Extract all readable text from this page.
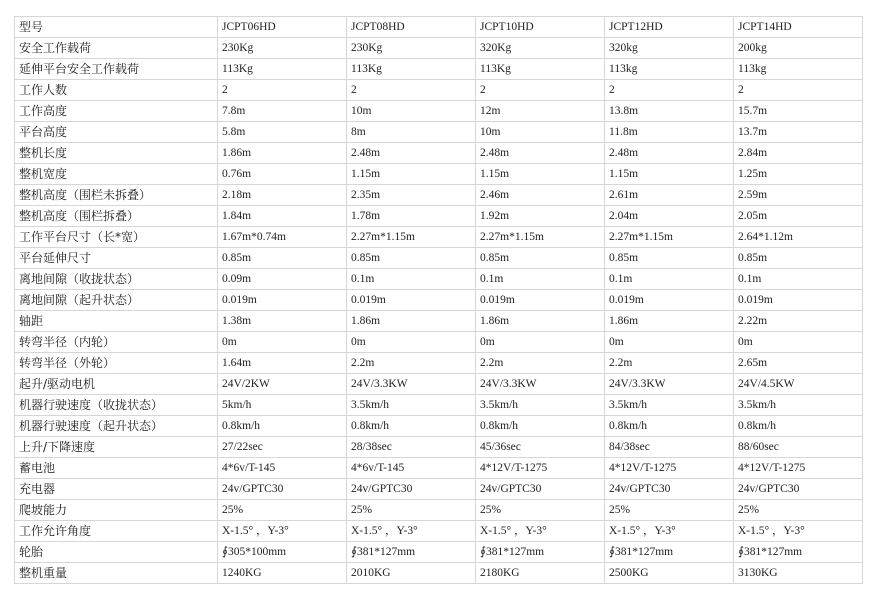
型号	JCPT06HD	JCPT08HD	JCPT10HD	JCPT12HD	JCPT14HD
安全工作载荷	230Kg	230Kg	320Kg	320kg	200kg
延伸平台安全工作载荷	113Kg	113Kg	113Kg	113kg	113kg
工作人数	2	2	2	2	2
工作高度	7.8m	10m	12m	13.8m	15.7m
平台高度	5.8m	8m	10m	11.8m	13.7m
整机长度	1.86m	2.48m	2.48m	2.48m	2.84m
整机宽度	0.76m	1.15m	1.15m	1.15m	1.25m
整机高度（围栏未拆叠）	2.18m	2.35m	2.46m	2.61m	2.59m
整机高度（围栏拆叠）	1.84m	1.78m	1.92m	2.04m	2.05m
工作平台尺寸（长*宽）	1.67m*0.74m	2.27m*1.15m	2.27m*1.15m	2.27m*1.15m	2.64*1.12m
平台延伸尺寸	0.85m	0.85m	0.85m	0.85m	0.85m
离地间隙（收拢状态）	0.09m	0.1m	0.1m	0.1m	0.1m
离地间隙（起升状态）	0.019m	0.019m	0.019m	0.019m	0.019m
轴距	1.38m	1.86m	1.86m	1.86m	2.22m
转弯半径（内轮）	0m	0m	0m	0m	0m
转弯半径（外轮）	1.64m	2.2m	2.2m	2.2m	2.65m
起升/驱动电机	24V/2KW	24V/3.3KW	24V/3.3KW	24V/3.3KW	24V/4.5KW
机器行驶速度（收拢状态）	5km/h	3.5km/h	3.5km/h	3.5km/h	3.5km/h
机器行驶速度（起升状态）	0.8km/h	0.8km/h	0.8km/h	0.8km/h	0.8km/h
上升/下降速度	27/22sec	28/38sec	45/36sec	84/38sec	88/60sec
蓄电池	4*6v/T-145	4*6v/T-145	4*12V/T-1275	4*12V/T-1275	4*12V/T-1275
充电器	24v/GPTC30	24v/GPTC30	24v/GPTC30	24v/GPTC30	24v/GPTC30
爬坡能力	25%	25%	25%	25%	25%
工作允许角度	X-1.5° ，Y-3°	X-1.5° ，Y-3°	X-1.5° ，Y-3°	X-1.5° ，Y-3°	X-1.5° ，Y-3°
轮胎	∮305*100mm	∮381*127mm	∮381*127mm	∮381*127mm	∮381*127mm
整机重量	1240KG	2010KG	2180KG	2500KG	3130KG
